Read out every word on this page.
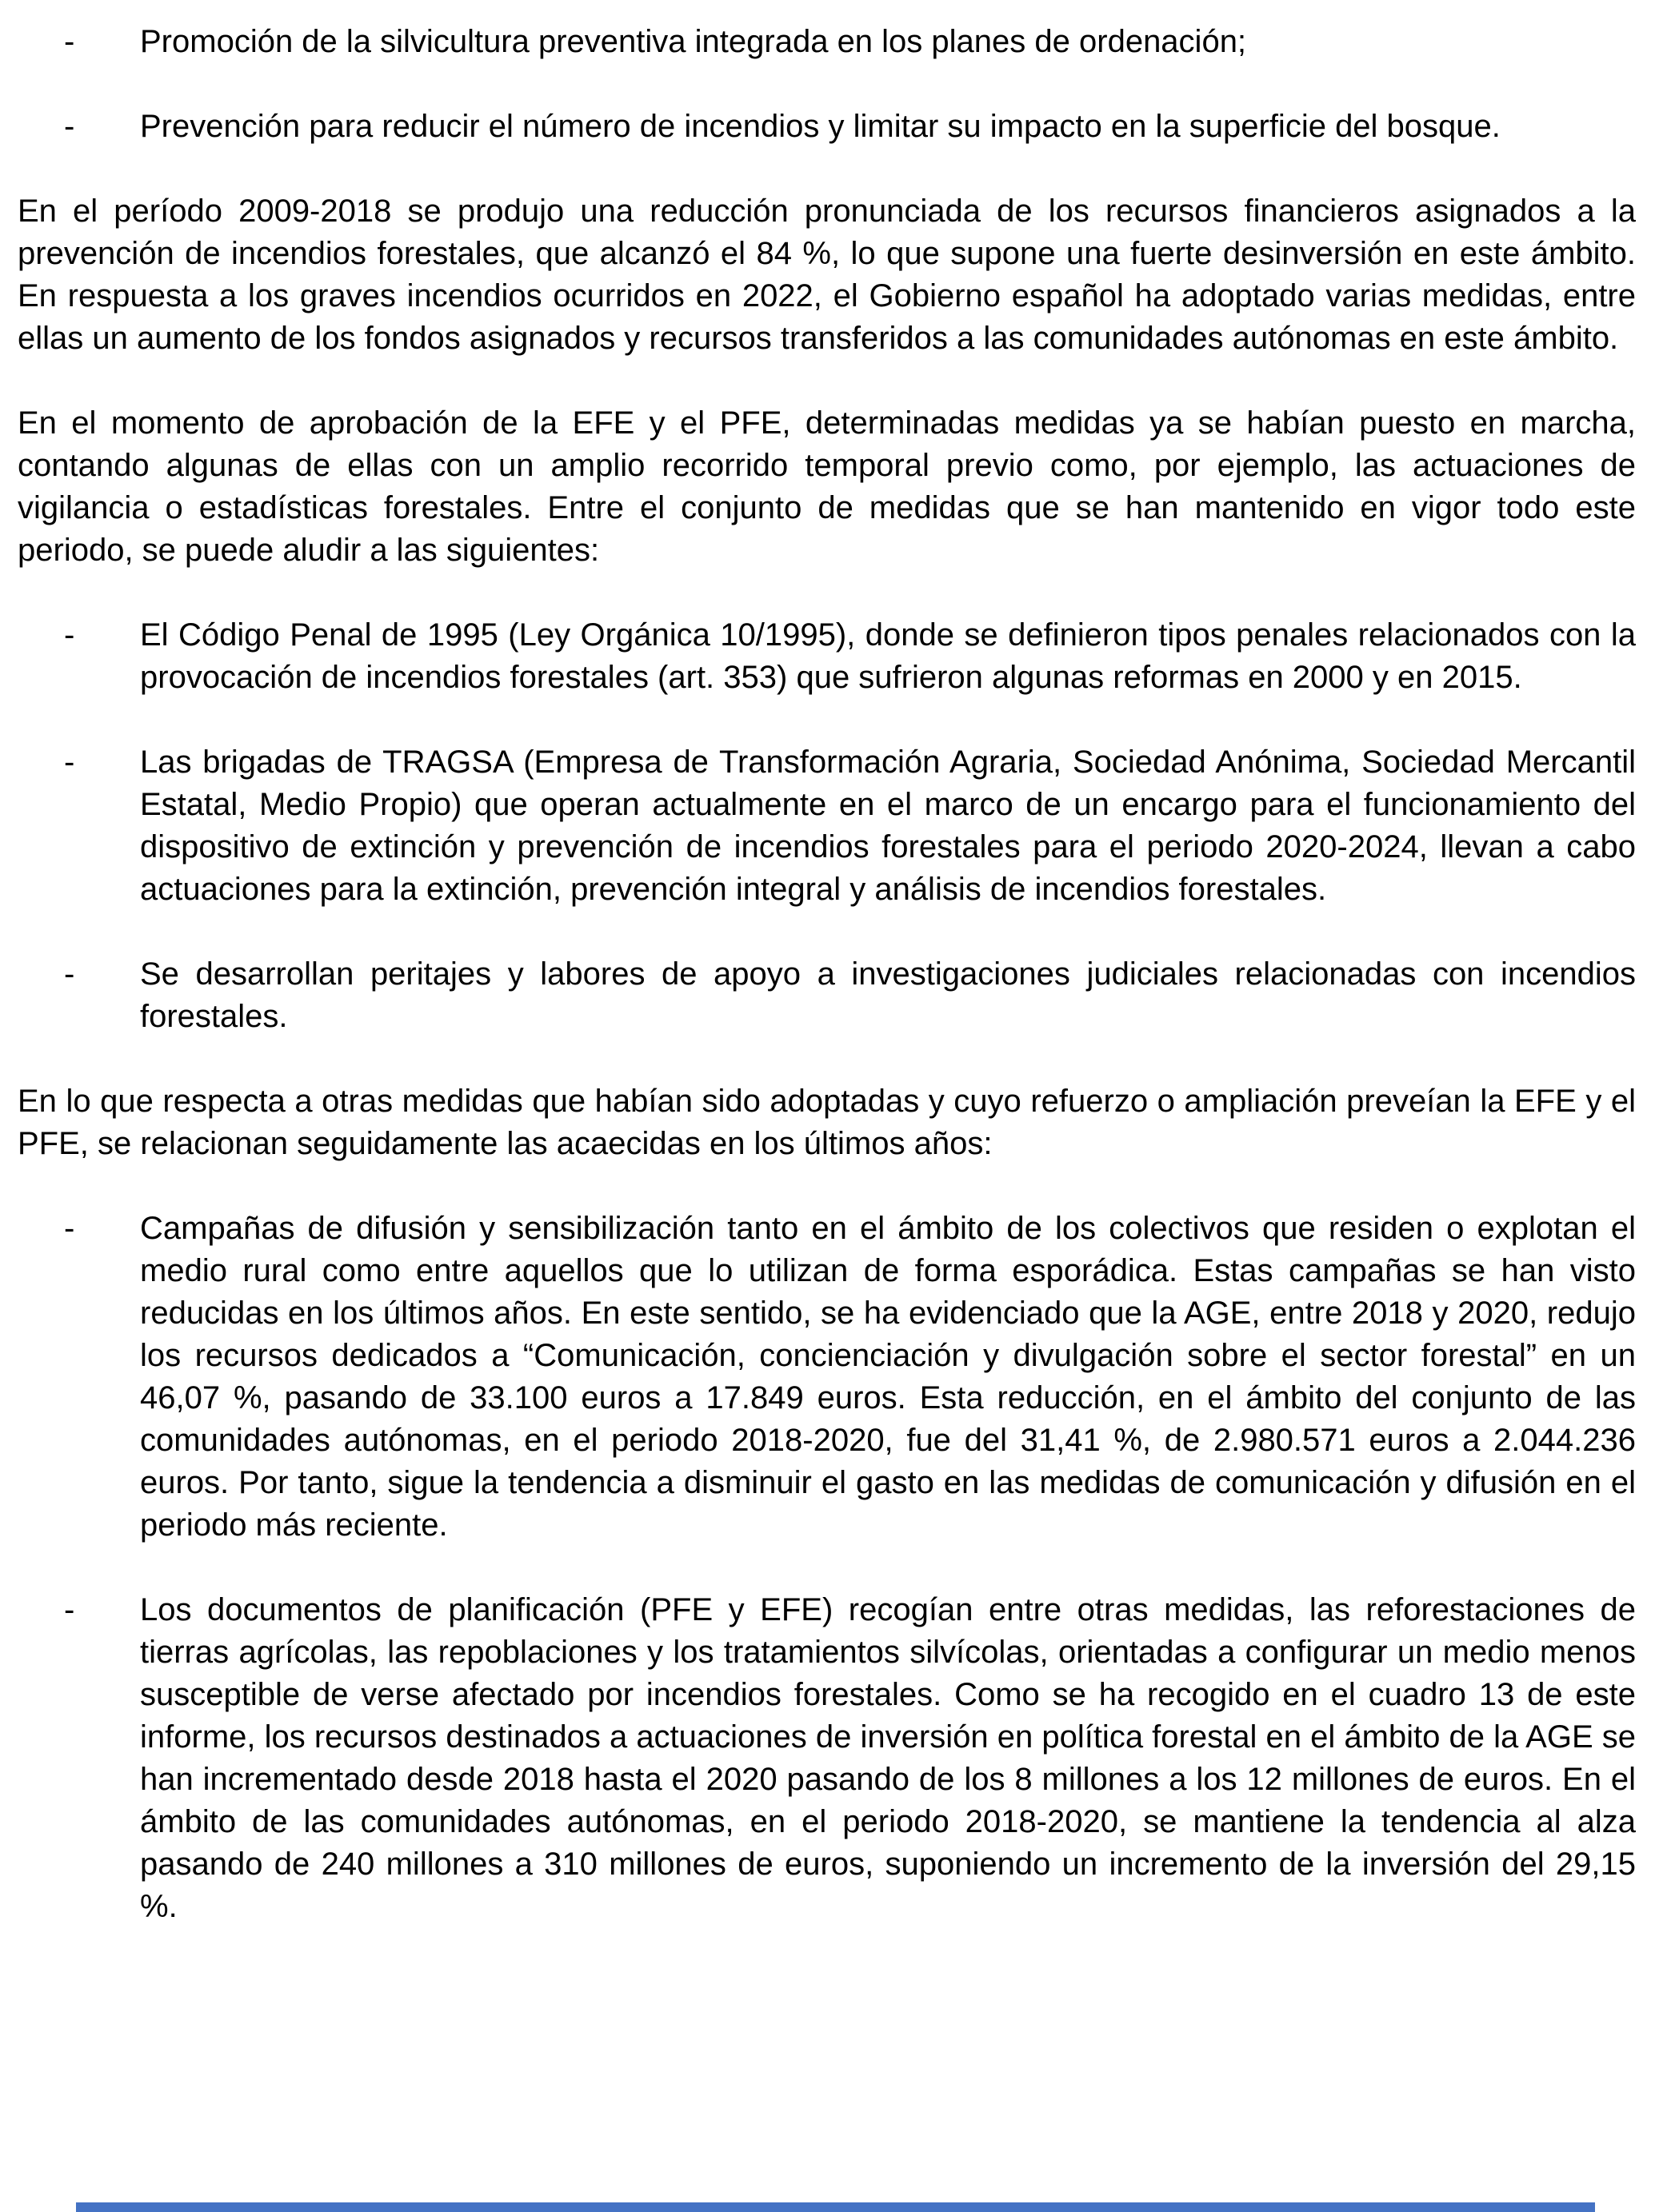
- Promoción de la silvicultura preventiva integrada en los planes de ordenación;
- Prevención para reducir el número de incendios y limitar su impacto en la superficie del bosque.

En el período 2009-2018 se produjo una reducción pronunciada de los recursos financieros asignados a la prevención de incendios forestales, que alcanzó el 84 %, lo que supone una fuerte desinversión en este ámbito. En respuesta a los graves incendios ocurridos en 2022, el Gobierno español ha adoptado varias medidas, entre ellas un aumento de los fondos asignados y recursos transferidos a las comunidades autónomas en este ámbito.

En el momento de aprobación de la EFE y el PFE, determinadas medidas ya se habían puesto en marcha, contando algunas de ellas con un amplio recorrido temporal previo como, por ejemplo, las actuaciones de vigilancia o estadísticas forestales. Entre el conjunto de medidas que se han mantenido en vigor todo este periodo, se puede aludir a las siguientes:

- El Código Penal de 1995 (Ley Orgánica 10/1995), donde se definieron tipos penales relacionados con la provocación de incendios forestales (art. 353) que sufrieron algunas reformas en 2000 y en 2015.
- Las brigadas de TRAGSA (Empresa de Transformación Agraria, Sociedad Anónima, Sociedad Mercantil Estatal, Medio Propio) que operan actualmente en el marco de un encargo para el funcionamiento del dispositivo de extinción y prevención de incendios forestales para el periodo 2020-2024, llevan a cabo actuaciones para la extinción, prevención integral y análisis de incendios forestales.
- Se desarrollan peritajes y labores de apoyo a investigaciones judiciales relacionadas con incendios forestales.

En lo que respecta a otras medidas que habían sido adoptadas y cuyo refuerzo o ampliación preveían la EFE y el PFE, se relacionan seguidamente las acaecidas en los últimos años:

- Campañas de difusión y sensibilización tanto en el ámbito de los colectivos que residen o explotan el medio rural como entre aquellos que lo utilizan de forma esporádica. Estas campañas se han visto reducidas en los últimos años. En este sentido, se ha evidenciado que la AGE, entre 2018 y 2020, redujo los recursos dedicados a “Comunicación, concienciación y divulgación sobre el sector forestal” en un 46,07 %, pasando de 33.100 euros a 17.849 euros. Esta reducción, en el ámbito del conjunto de las comunidades autónomas, en el periodo 2018-2020, fue del 31,41 %, de 2.980.571 euros a 2.044.236 euros. Por tanto, sigue la tendencia a disminuir el gasto en las medidas de comunicación y difusión en el periodo más reciente.
- Los documentos de planificación (PFE y EFE) recogían entre otras medidas, las reforestaciones de tierras agrícolas, las repoblaciones y los tratamientos silvícolas, orientadas a configurar un medio menos susceptible de verse afectado por incendios forestales. Como se ha recogido en el cuadro 13 de este informe, los recursos destinados a actuaciones de inversión en política forestal en el ámbito de la AGE se han incrementado desde 2018 hasta el 2020 pasando de los 8 millones a los 12 millones de euros. En el ámbito de las comunidades autónomas, en el periodo 2018-2020, se mantiene la tendencia al alza pasando de 240 millones a 310 millones de euros, suponiendo un incremento de la inversión del 29,15 %.
